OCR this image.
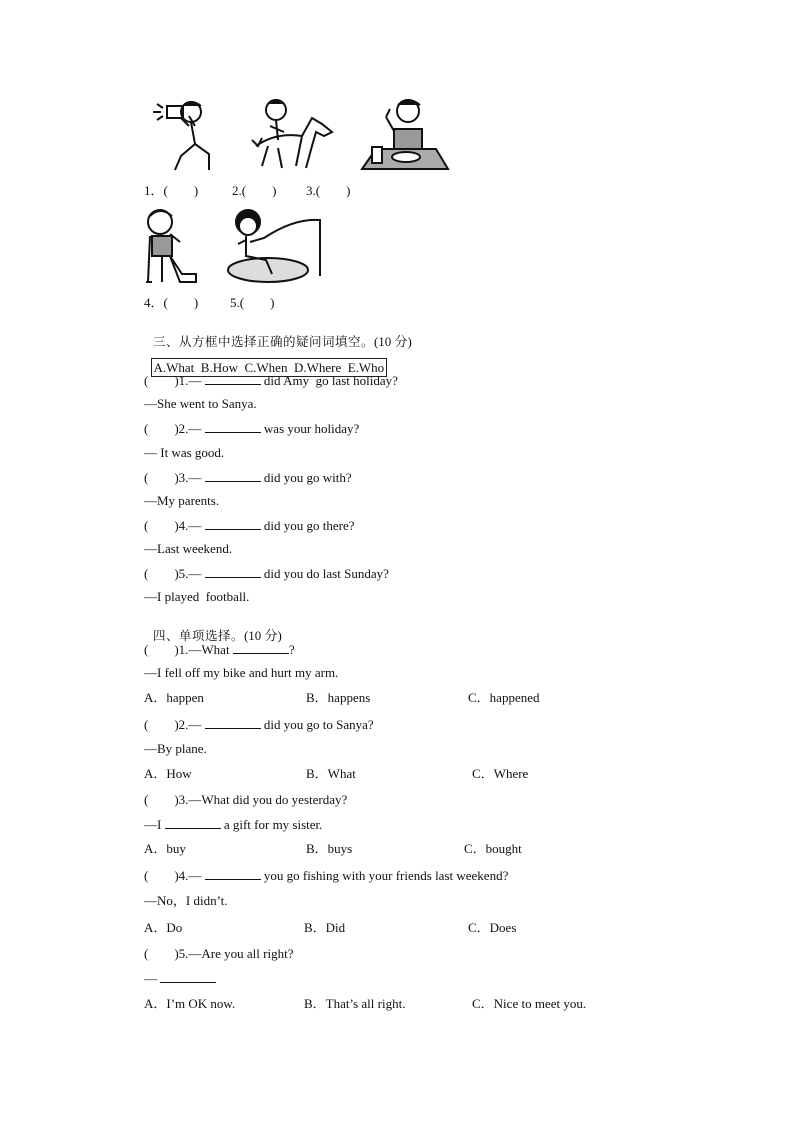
1．(　　)	2.(　　) 3.(　　)
4．(　　) 5.(　　)

三、从方框中选择正确的疑问词填空。(10 分)

A.What  B.How  C.When  D.Where  E.Who

(　　)1.—	did Amy  go last holiday?
—She went to Sanya.
(　　)2.—	was your holiday?
— It was good.
(　　)3.—	did you go with?
—My parents.
(　　)4.—	did you go there?
—Last weekend.
(　　)5.—	did you do last Sunday?
—I played  football.

四、单项选择。(10 分)

(　　)1.—What	?
—I fell off my bike and hurt my arm.
A．happen	B．happens	C．happened
(　　)2.—	did you go to Sanya?
—By plane.
A．How	B．What	C．Where
(　　)3.—What did you do yesterday?
—I	a gift for my sister.
A．buy	B．buys	C．bought
(　　)4.—	you go fishing with your friends last weekend?
—No，I didn’t.
A．Do	B．Did	C．Does
(　　)5.—Are you all right?
—
A．I’m OK now.	B．That’s all right.	C．Nice to meet you.
